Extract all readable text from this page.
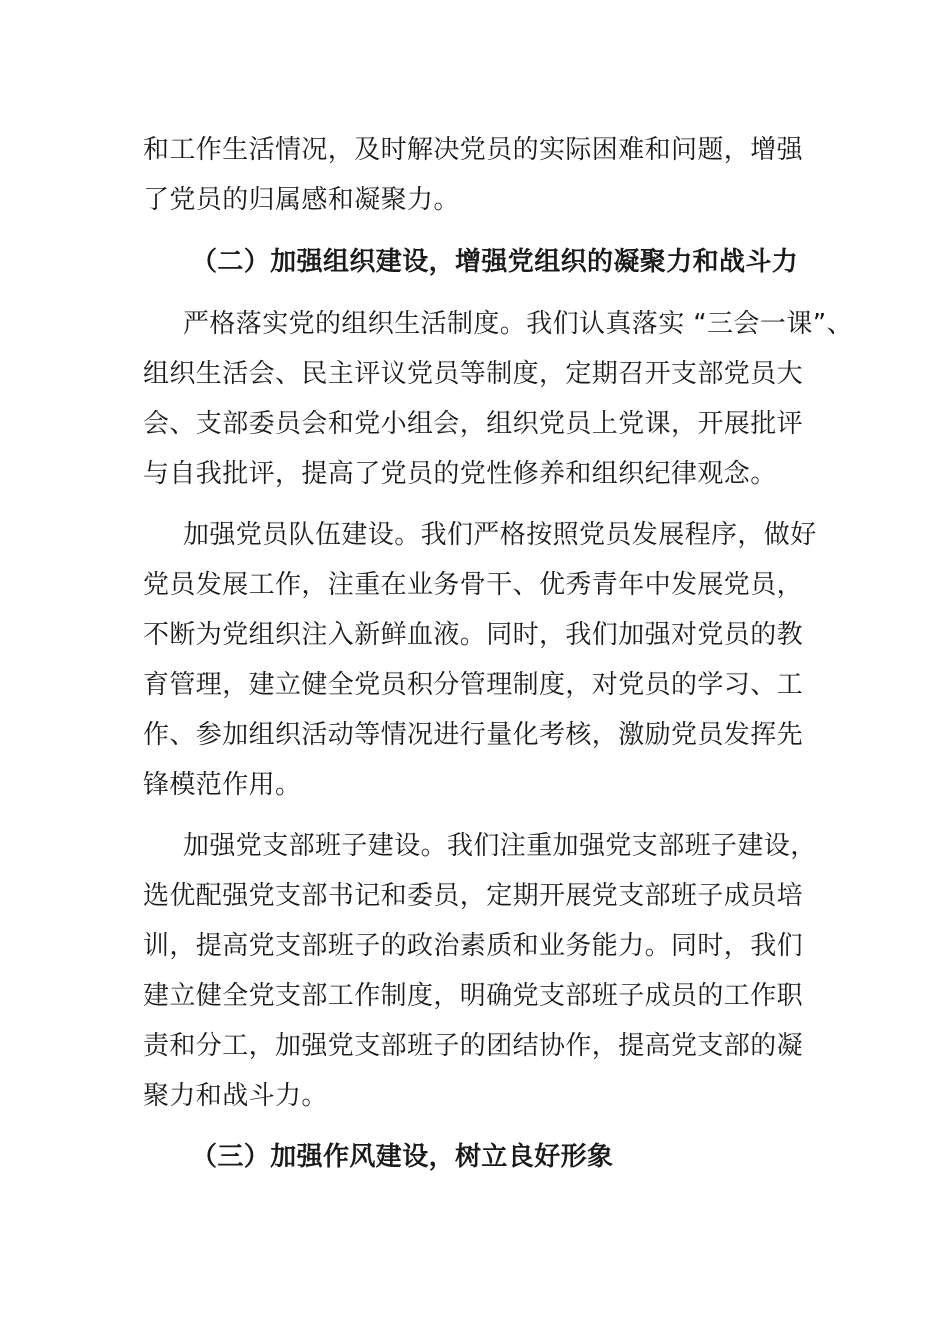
和工作生活情况，及时解决党员的实际困难和问题，增强
了党员的归属感和凝聚力。
（二）加强组织建设，增强党组织的凝聚力和战斗力
严格落实党的组织生活制度。我们认真落实 “三会一课”、
组织生活会、民主评议党员等制度，定期召开支部党员大
会、支部委员会和党小组会，组织党员上党课，开展批评
与自我批评，提高了党员的党性修养和组织纪律观念。
加强党员队伍建设。我们严格按照党员发展程序，做好
党员发展工作，注重在业务骨干、优秀青年中发展党员，
不断为党组织注入新鲜血液。同时，我们加强对党员的教
育管理，建立健全党员积分管理制度，对党员的学习、工
作、参加组织活动等情况进行量化考核，激励党员发挥先
锋模范作用。
加强党支部班子建设。我们注重加强党支部班子建设，
选优配强党支部书记和委员，定期开展党支部班子成员培
训，提高党支部班子的政治素质和业务能力。同时，我们
建立健全党支部工作制度，明确党支部班子成员的工作职
责和分工，加强党支部班子的团结协作，提高党支部的凝
聚力和战斗力。
（三）加强作风建设，树立良好形象
